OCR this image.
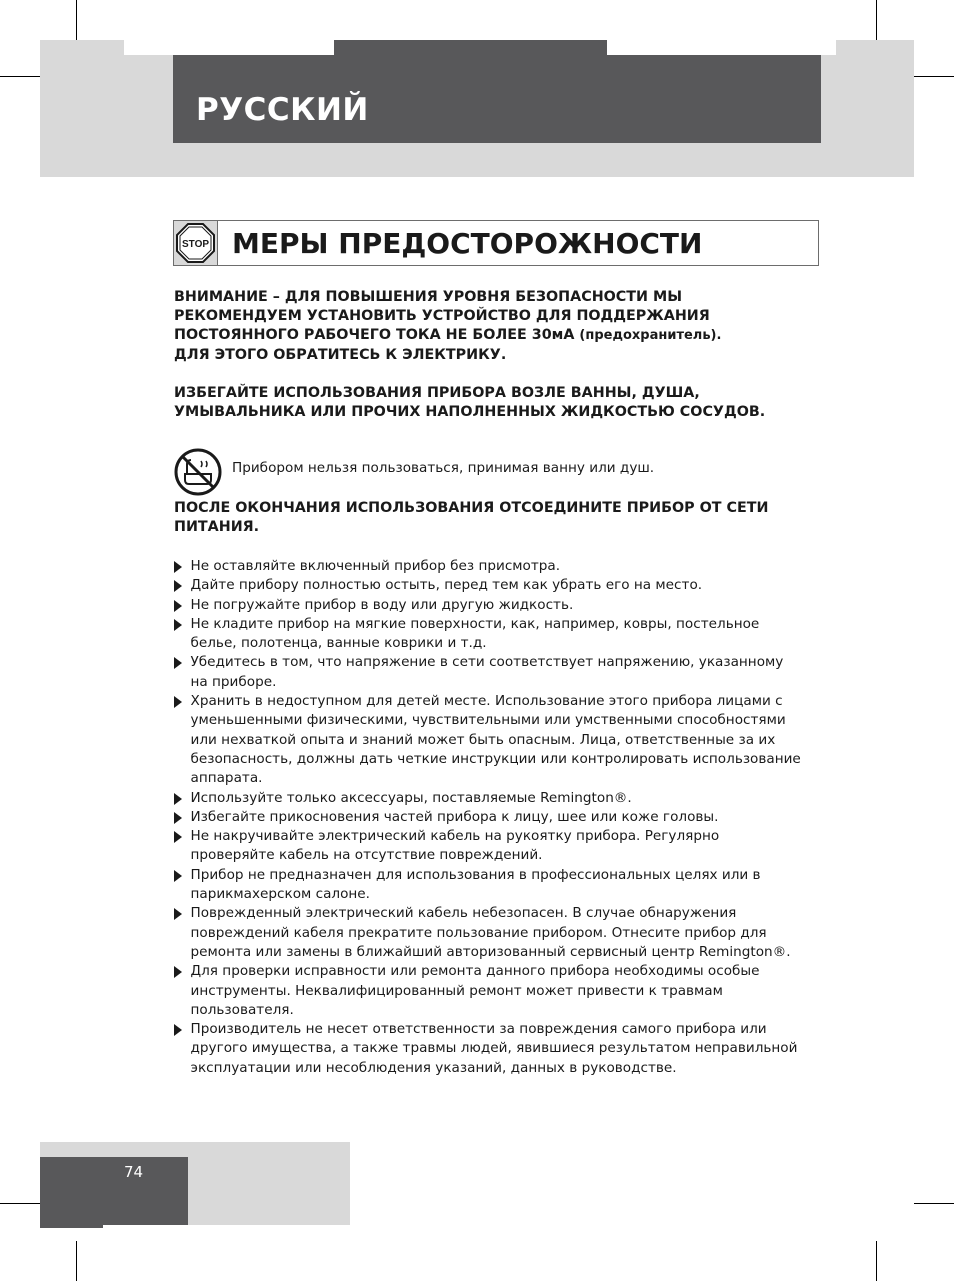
РУССКИЙ
STOP МЕРЫ ПРЕДОСТОРОЖНОСТИ
ВНИМАНИЕ – ДЛЯ ПОВЫШЕНИЯ УРОВНЯ БЕЗОПАСНОСТИ МЫ РЕКОМЕНДУЕМ УСТАНОВИТЬ УСТРОЙСТВО ДЛЯ ПОДДЕРЖАНИЯ ПОСТОЯННОГО РАБОЧЕГО ТОКА НЕ БОЛЕЕ 30мА (предохранитель).
ДЛЯ ЭТОГО ОБРАТИТЕСЬ К ЭЛЕКТРИКУ.
ИЗБЕГАЙТЕ ИСПОЛЬЗОВАНИЯ ПРИБОРА ВОЗЛЕ ВАННЫ, ДУША, УМЫВАЛЬНИКА ИЛИ ПРОЧИХ НАПОЛНЕННЫХ ЖИДКОСТЬЮ СОСУДОВ.
Прибором нельзя пользоваться, принимая ванну или душ.
ПОСЛЕ ОКОНЧАНИЯ ИСПОЛЬЗОВАНИЯ ОТСОЕДИНИТЕ ПРИБОР ОТ СЕТИ ПИТАНИЯ.
Не оставляйте включенный прибор без присмотра.
Дайте прибору полностью остыть, перед тем как убрать его на место.
Не погружайте прибор в воду или другую жидкость.
Не кладите прибор на мягкие поверхности, как, например, ковры, постельное белье, полотенца, ванные коврики и т.д.
Убедитесь в том, что напряжение в сети соответствует напряжению, указанному на приборе.
Хранить в недоступном для детей месте. Использование этого прибора лицами с уменьшенными физическими, чувствительными или умственными способностями или нехваткой опыта и знаний может быть опасным. Лица, ответственные за их безопасность, должны дать четкие инструкции или контролировать использование аппарата.
Используйте только аксессуары, поставляемые Remington®.
Избегайте прикосновения частей прибора к лицу, шее или коже головы.
Не накручивайте электрический кабель на рукоятку прибора. Регулярно проверяйте кабель на отсутствие повреждений.
Прибор не предназначен для использования в профессиональных целях или в парикмахерском салоне.
Поврежденный электрический кабель небезопасен. В случае обнаружения повреждений кабеля прекратите пользование прибором. Отнесите прибор для ремонта или замены в ближайший авторизованный сервисный центр Remington®.
Для проверки исправности или ремонта данного прибора необходимы особые инструменты. Неквалифицированный ремонт может привести к травмам пользователя.
Производитель не несет ответственности за повреждения самого прибора или другого имущества, а также травмы людей, явившиеся результатом неправильной эксплуатации или несоблюдения указаний, данных в руководстве.
74
